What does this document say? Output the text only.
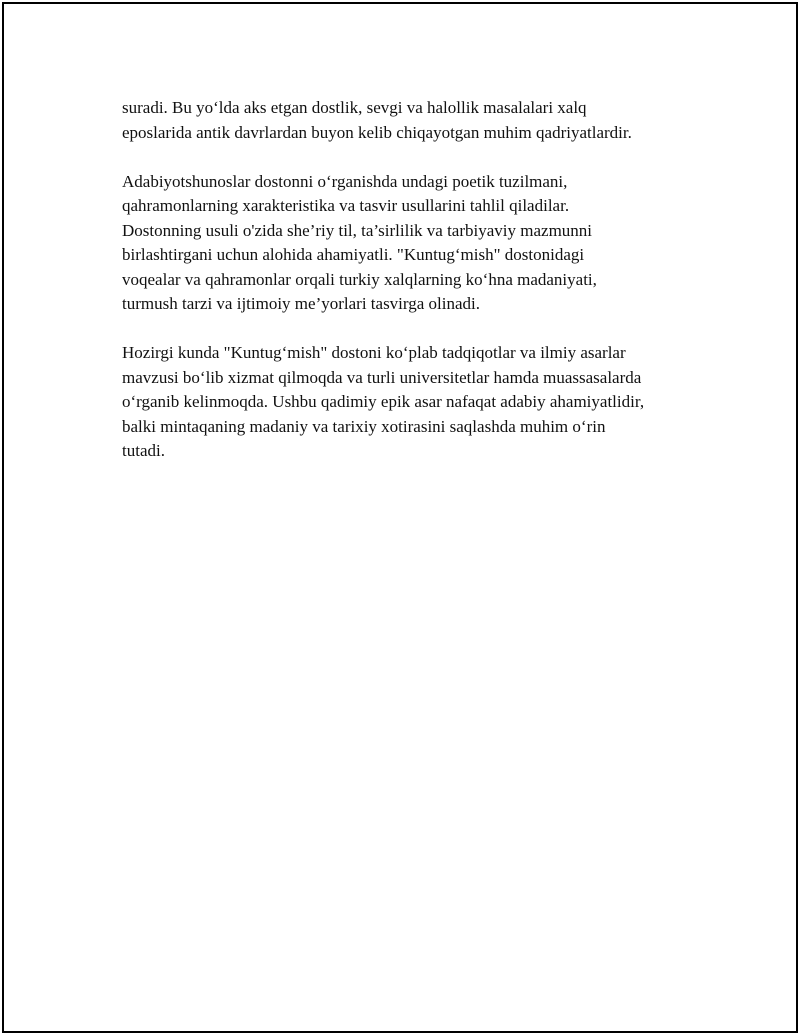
suradi. Bu yo‘lda aks etgan dostlik, sevgi va halollik masalalari xalq
eposlarida antik davrlardan buyon kelib chiqayotgan muhim qadriyatlardir.

Adabiyotshunoslar dostonni o‘rganishda undagi poetik tuzilmani,
qahramonlarning xarakteristika va tasvir usullarini tahlil qiladilar.
Dostonning usuli o'zida she’riy til, ta’sirlilik va tarbiyaviy mazmunni
birlashtirgani uchun alohida ahamiyatli. "Kuntug‘mish" dostonidagi
voqealar va qahramonlar orqali turkiy xalqlarning ko‘hna madaniyati,
turmush tarzi va ijtimoiy me’yorlari tasvirga olinadi.

Hozirgi kunda "Kuntug‘mish" dostoni ko‘plab tadqiqotlar va ilmiy asarlar
mavzusi bo‘lib xizmat qilmoqda va turli universitetlar hamda muassasalarda
o‘rganib kelinmoqda. Ushbu qadimiy epik asar nafaqat adabiy ahamiyatlidir,
balki mintaqaning madaniy va tarixiy xotirasini saqlashda muhim o‘rin
tutadi.
